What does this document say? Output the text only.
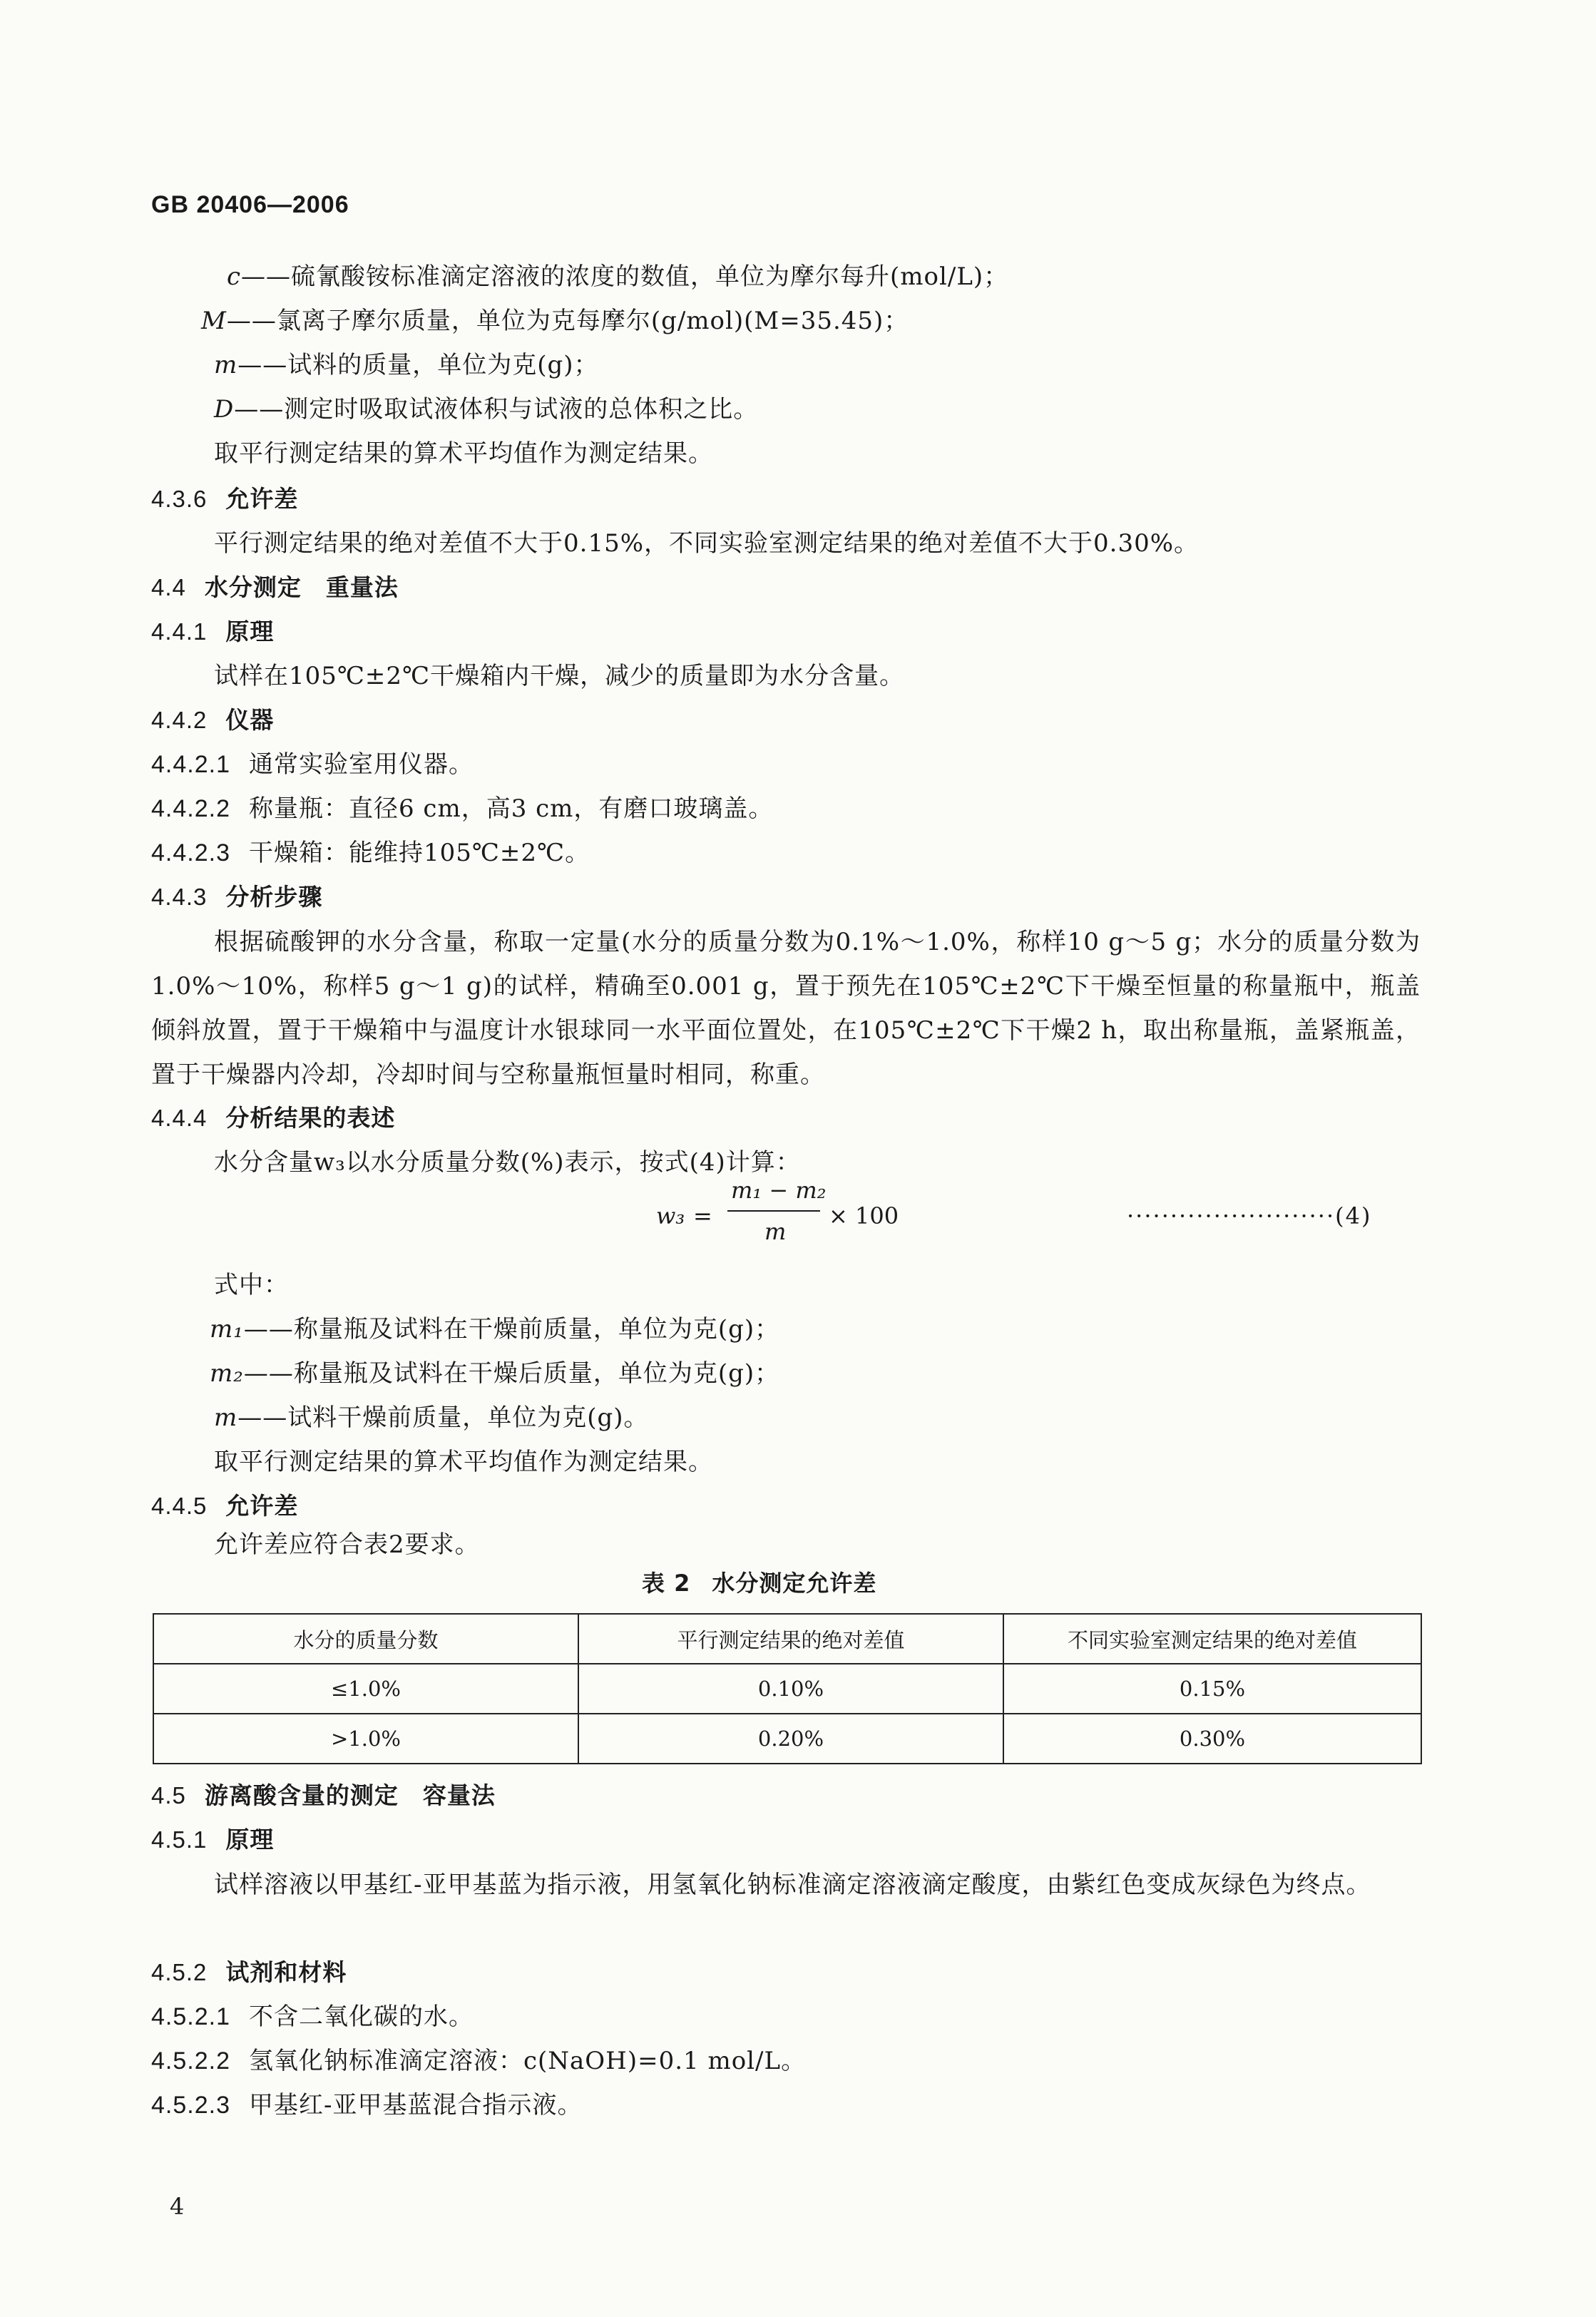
GB 20406—2006
c——硫氰酸铵标准滴定溶液的浓度的数值，单位为摩尔每升(mol/L)；
M——氯离子摩尔质量，单位为克每摩尔(g/mol)(M=35.45)；
m——试料的质量，单位为克(g)；
D——测定时吸取试液体积与试液的总体积之比。
取平行测定结果的算术平均值作为测定结果。
4.3.6 允许差
平行测定结果的绝对差值不大于0.15%，不同实验室测定结果的绝对差值不大于0.30%。
4.4 水分测定　重量法
4.4.1 原理
试样在105℃±2℃干燥箱内干燥，减少的质量即为水分含量。
4.4.2 仪器
4.4.2.1 通常实验室用仪器。
4.4.2.2 称量瓶：直径6 cm，高3 cm，有磨口玻璃盖。
4.4.2.3 干燥箱：能维持105℃±2℃。
4.4.3 分析步骤
根据硫酸钾的水分含量，称取一定量(水分的质量分数为0.1%～1.0%，称样10 g～5 g；水分的质量分数为1.0%～10%，称样5 g～1 g)的试样，精确至0.001 g，置于预先在105℃±2℃下干燥至恒量的称量瓶中，瓶盖倾斜放置，置于干燥箱中与温度计水银球同一水平面位置处，在105℃±2℃下干燥2 h，取出称量瓶，盖紧瓶盖，置于干燥器内冷却，冷却时间与空称量瓶恒量时相同，称重。
4.4.4 分析结果的表述
水分含量w₃以水分质量分数(%)表示，按式(4)计算：
w₃ =
m₁ − m₂
m
× 100	························(4)
式中：
m₁——称量瓶及试料在干燥前质量，单位为克(g)；
m₂——称量瓶及试料在干燥后质量，单位为克(g)；
m——试料干燥前质量，单位为克(g)。
取平行测定结果的算术平均值作为测定结果。
4.4.5 允许差
允许差应符合表2要求。
表 2 水分测定允许差
水分的质量分数	平行测定结果的绝对差值	不同实验室测定结果的绝对差值
≤1.0%	0.10%	0.15%
>1.0%	0.20%	0.30%
4.5 游离酸含量的测定　容量法
4.5.1 原理
试样溶液以甲基红-亚甲基蓝为指示液，用氢氧化钠标准滴定溶液滴定酸度，由紫红色变成灰绿色为终点。
4.5.2 试剂和材料
4.5.2.1 不含二氧化碳的水。
4.5.2.2 氢氧化钠标准滴定溶液：c(NaOH)=0.1 mol/L。
4.5.2.3 甲基红-亚甲基蓝混合指示液。
4
